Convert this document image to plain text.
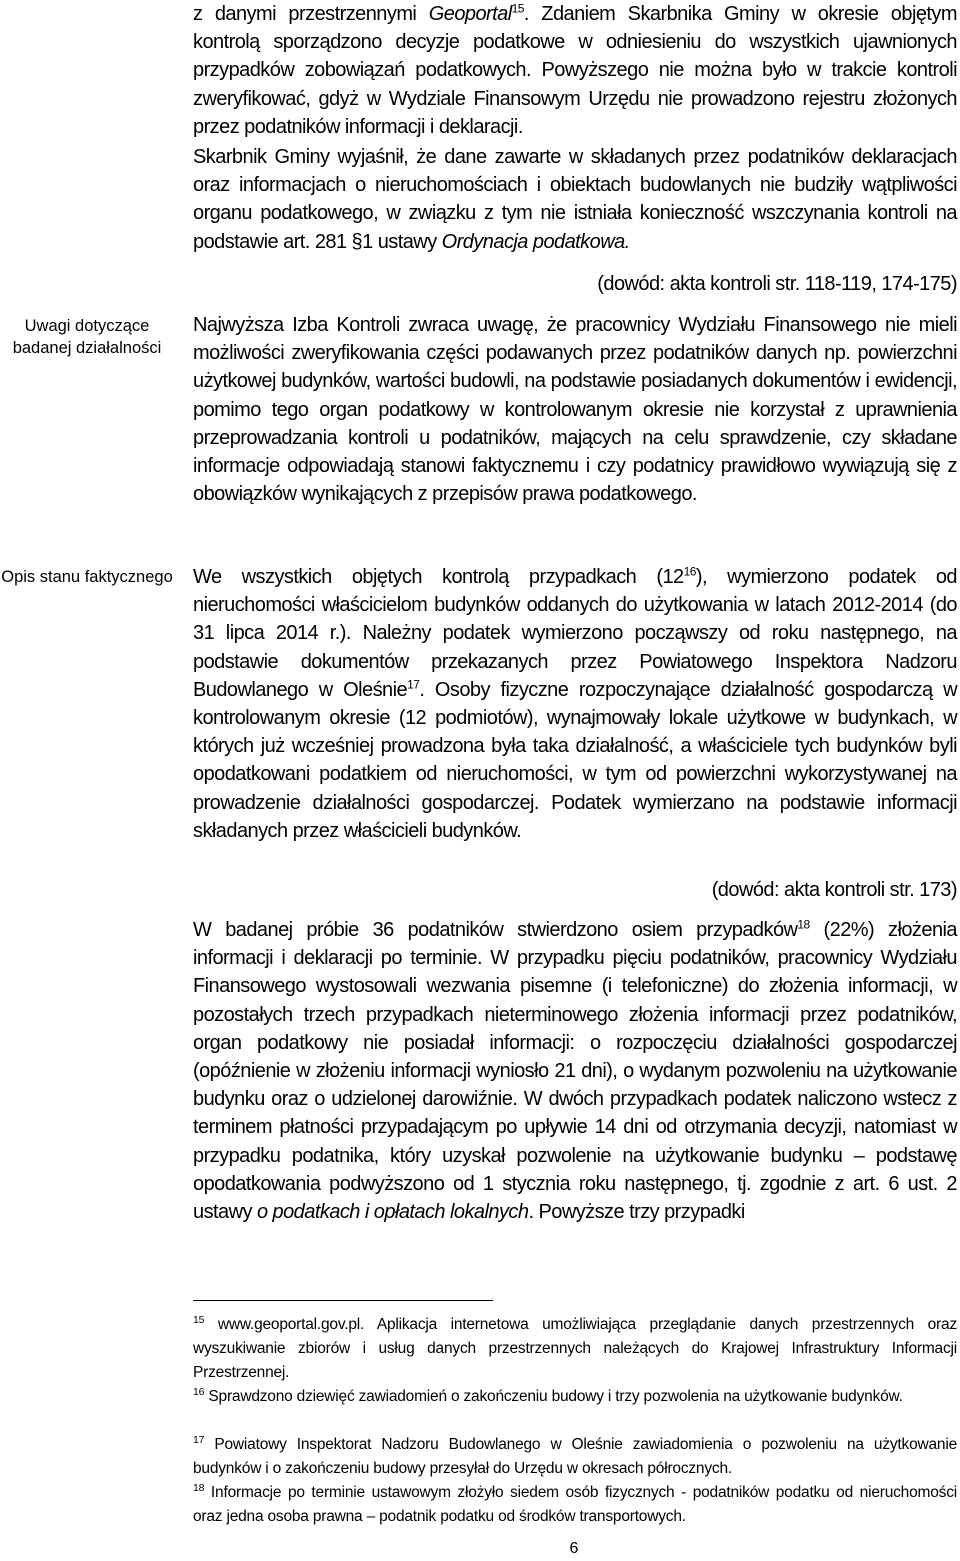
Uwagi dotyczące badanej działalności
Opis stanu faktycznego

z danymi przestrzennymi Geoportal$^{15}$. Zdaniem Skarbnika Gminy w okresie objętym kontrolą sporządzono decyzje podatkowe w odniesieniu do wszystkich ujawnionych przypadków zobowiązań podatkowych. Powyższego nie można było w trakcie kontroli zweryfikować, gdyż w Wydziale Finansowym Urzędu nie prowadzono rejestru złożonych przez podatników informacji i deklaracji.

Skarbnik Gminy wyjaśnił, że dane zawarte w składanych przez podatników deklaracjach oraz informacjach o nieruchomościach i obiektach budowlanych nie budziły wątpliwości organu podatkowego, w związku z tym nie istniała konieczność wszczynania kontroli na podstawie art. 281 §1 ustawy Ordynacja podatkowa.

(dowód: akta kontroli str. 118-119, 174-175)

Najwyższa Izba Kontroli zwraca uwagę, że pracownicy Wydziału Finansowego nie mieli możliwości zweryfikowania części podawanych przez podatników danych np. powierzchni użytkowej budynków, wartości budowli, na podstawie posiadanych dokumentów i ewidencji, pomimo tego organ podatkowy w kontrolowanym okresie nie korzystał z uprawnienia przeprowadzania kontroli u podatników, mających na celu sprawdzenie, czy składane informacje odpowiadają stanowi faktycznemu i czy podatnicy prawidłowo wywiązują się z obowiązków wynikających z przepisów prawa podatkowego.

We wszystkich objętych kontrolą przypadkach $(12^{16})$, wymierzono podatek od nieruchomości właścicielom budynków oddanych do użytkowania w latach 2012-2014 (do 31 lipca 2014 r.). Należny podatek wymierzono począwszy od roku następnego, na podstawie dokumentów przekazanych przez Powiatowego Inspektora Nadzoru Budowlanego w Oleśnie$^{17}$. Osoby fizyczne rozpoczynające działalność gospodarczą w kontrolowanym okresie (12 podmiotów), wynajmowały lokale użytkowe w budynkach, w których już wcześniej prowadzona była taka działalność, a właściciele tych budynków byli opodatkowani podatkiem od nieruchomości, w tym od powierzchni wykorzystywanej na prowadzenie działalności gospodarczej. Podatek wymierzano na podstawie informacji składanych przez właścicieli budynków.

(dowód: akta kontroli str. 173)

W badanej próbie 36 podatników stwierdzono osiem przypadków$^{18}$ (22%) złożenia informacji i deklaracji po terminie. W przypadku pięciu podatników, pracownicy Wydziału Finansowego wystosowali wezwania pisemne (i telefoniczne) do złożenia informacji, w pozostałych trzech przypadkach nieterminowego złożenia informacji przez podatników, organ podatkowy nie posiadał informacji: o rozpoczęciu działalności gospodarczej (opóźnienie w złożeniu informacji wyniosło 21 dni), o wydanym pozwoleniu na użytkowanie budynku oraz o udzielonej darowiźnie. W dwóch przypadkach podatek naliczono wstecz z terminem płatności przypadającym po upływie 14 dni od otrzymania decyzji, natomiast w przypadku podatnika, który uzyskał pozwolenie na użytkowanie budynku – podstawę opodatkowania podwyższono od 1 stycznia roku następnego, tj. zgodnie z art. 6 ust. 2 ustawy o podatkach i opłatach lokalnych. Powyższe trzy przypadki

$^{15}$ www.geoportal.gov.pl. Aplikacja internetowa umożliwiająca przeglądanie danych przestrzennych oraz wyszukiwanie zbiorów i usług danych przestrzennych należących do Krajowej Infrastruktury Informacji Przestrzennej.

$^{16}$ Sprawdzono dziewięć zawiadomień o zakończeniu budowy i trzy pozwolenia na użytkowanie budynków.

$^{17}$ Powiatowy Inspektorat Nadzoru Budowlanego w Oleśnie zawiadomienia o pozwoleniu na użytkowanie budynków i o zakończeniu budowy przesyłał do Urzędu w okresach półrocznych.

$^{18}$ Informacje po terminie ustawowym złożyło siedem osób fizycznych - podatników podatku od nieruchomości oraz jedna osoba prawna – podatnik podatku od środków transportowych.

6
